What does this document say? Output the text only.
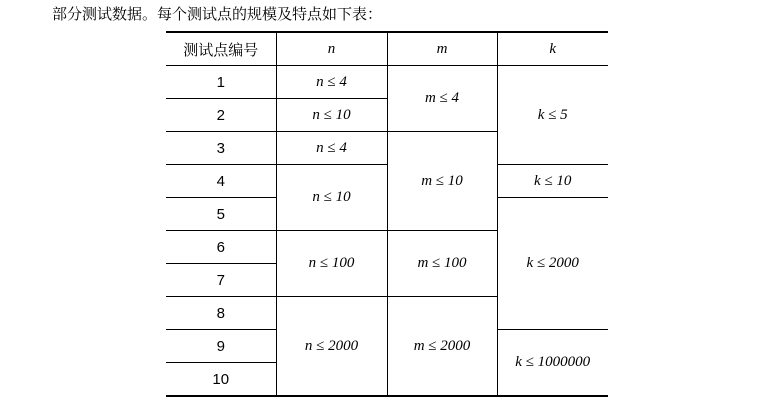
部分测试数据。每个测试点的规模及特点如下表：
测试点编号	n	m	k
1	n ≤ 4	m ≤ 4	k ≤ 5
2	n ≤ 10		
3	n ≤ 4	m ≤ 10	
4	n ≤ 10		k ≤ 10
5			k ≤ 2000
6	n ≤ 100	m ≤ 100	
7			
8	n ≤ 2000	m ≤ 2000	
9			k ≤ 1000000
10			
